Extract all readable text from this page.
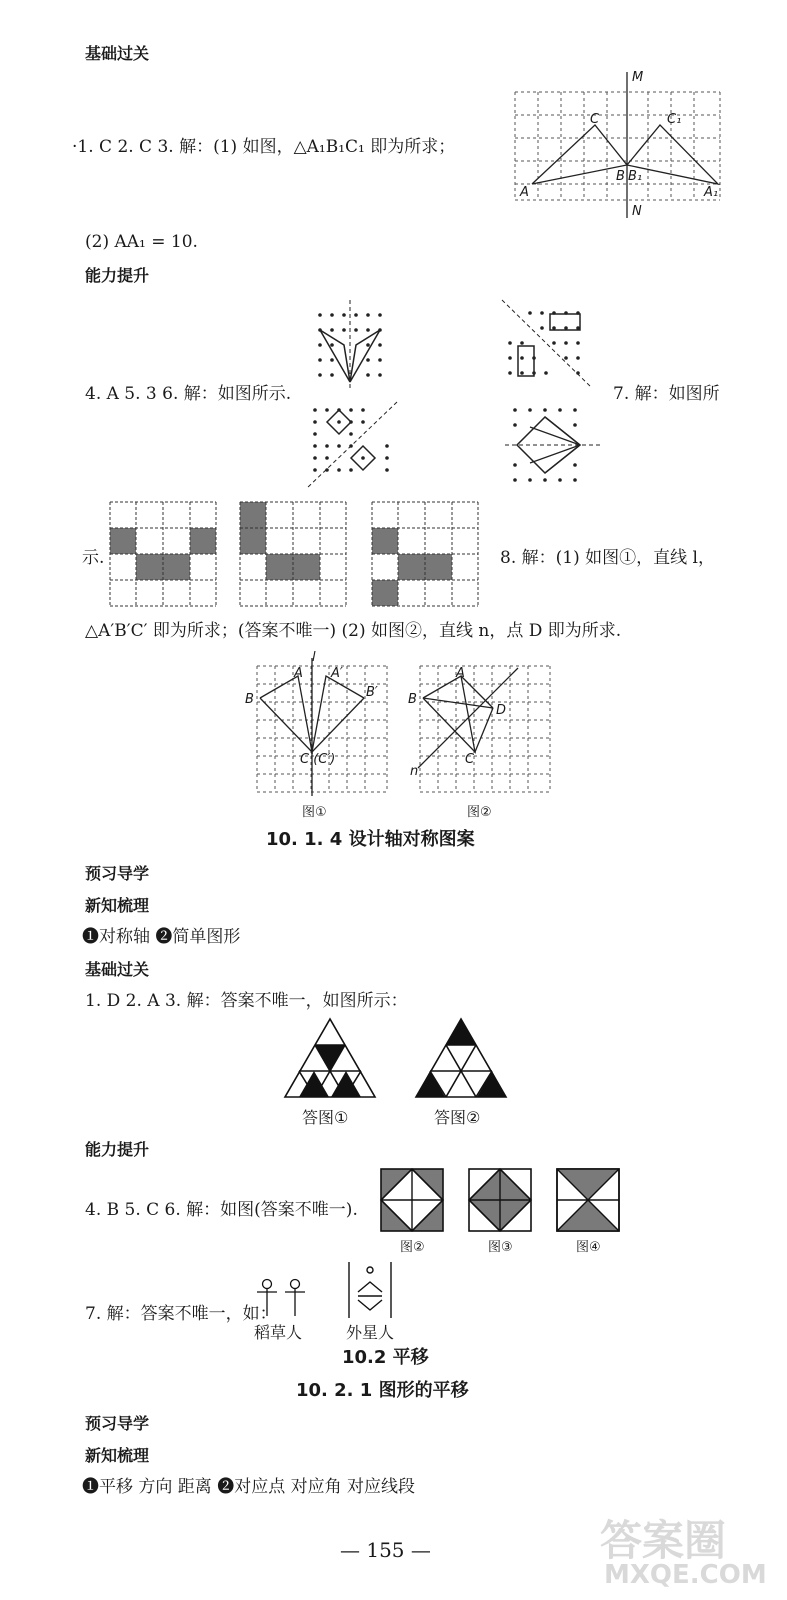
基础过关
·1. C 2. C 3. 解：(1) 如图，△A₁B₁C₁ 即为所求；
M
N
A
C
B B₁
C₁
A₁
(2) AA₁ = 10.
能力提升
4. A 5. 3 6. 解：如图所示.	7. 解：如图所
示.	8. 解：(1) 如图①，直线 l，
△A′B′C′ 即为所求；(答案不唯一) (2) 如图②，直线 n，点 D 即为所求.
l
A A′
B	B′
C (C′)
A
B
D
C
n
图①	图②
10. 1. 4 设计轴对称图案
预习导学
新知梳理
❶对称轴 ❷简单图形
基础过关
1. D 2. A 3. 解：答案不唯一，如图所示：
答图①	答图②
能力提升
4. B 5. C 6. 解：如图(答案不唯一).
图②	图③	图④
7. 解：答案不唯一，如：
稻草人	外星人
10.2 平移
10. 2. 1 图形的平移
预习导学
新知梳理
❶平移 方向 距离 ❷对应点 对应角 对应线段
— 155 —	答案圈
MXQE.COM
